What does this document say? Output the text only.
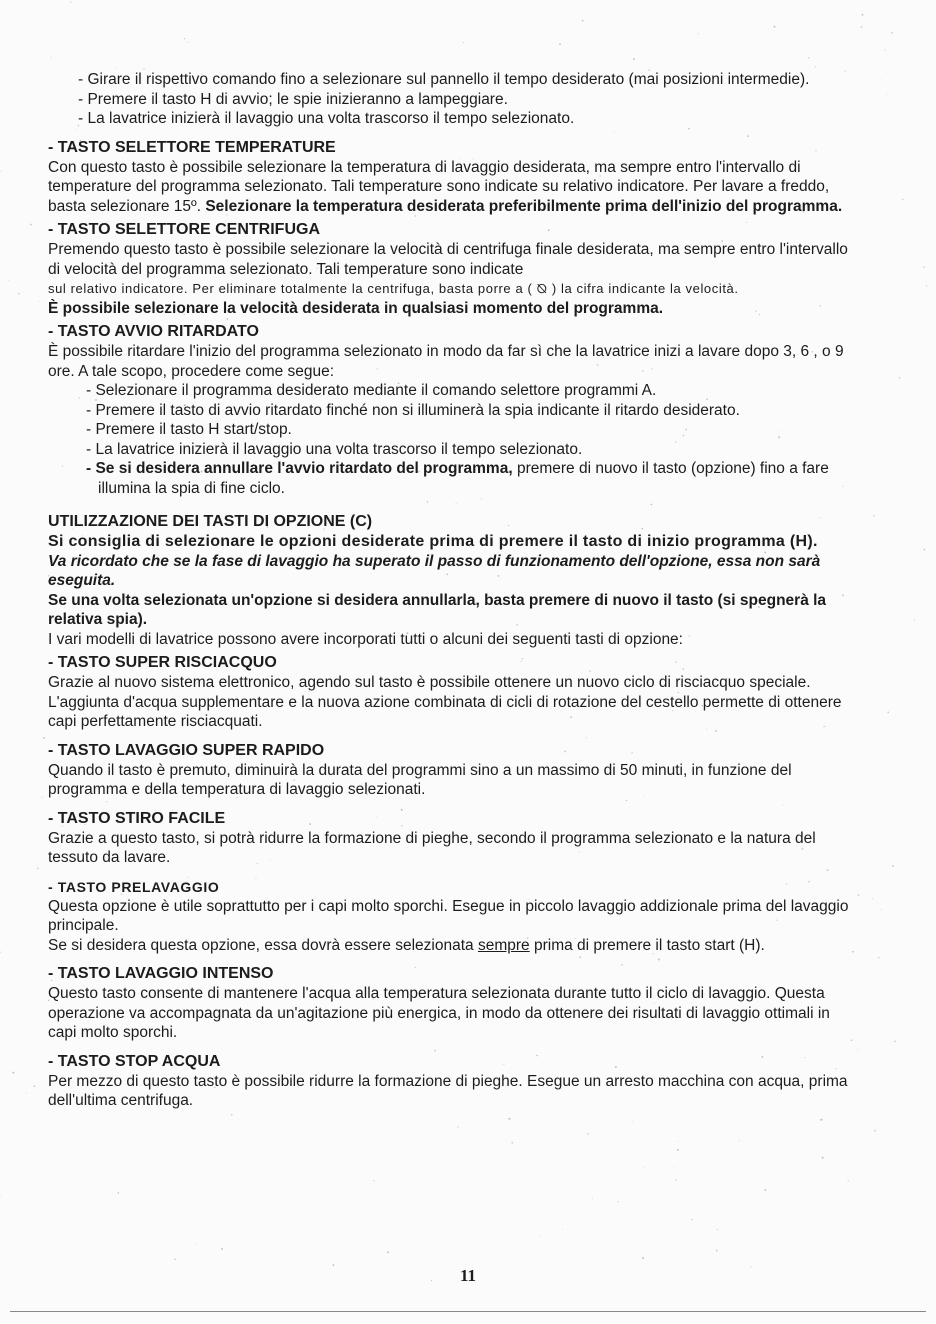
- Girare il rispettivo comando fino a selezionare sul pannello il tempo desiderato (mai posizioni intermedie).

- Premere il tasto H di avvio; le spie inizieranno a lampeggiare.

- La lavatrice inizierà il lavaggio una volta trascorso il tempo selezionato.

- TASTO SELETTORE TEMPERATURE

Con questo tasto è possibile selezionare la temperatura di lavaggio desiderata, ma sempre entro l'intervallo di temperature del programma selezionato. Tali temperature sono indicate su relativo indicatore. Per lavare a freddo, basta selezionare 15º. Selezionare la temperatura desiderata preferibilmente prima dell'inizio del programma.

- TASTO SELETTORE CENTRIFUGA

Premendo questo tasto è possibile selezionare la velocità di centrifuga finale desiderata, ma sempre entro l'intervallo di velocità del programma selezionato. Tali temperature sono indicate

sul relativo indicatore. Per eliminare totalmente la centrifuga, basta porre a ( ⦰ ) la cifra indicante la velocità.

È possibile selezionare la velocità desiderata in qualsiasi momento del programma.

- TASTO AVVIO RITARDATO

È possibile ritardare l'inizio del programma selezionato in modo da far sì che la lavatrice inizi a lavare dopo 3, 6 , o 9 ore. A tale scopo, procedere come segue:

- Selezionare il programma desiderato mediante il comando selettore programmi A.

- Premere il tasto di avvio ritardato finché non si illuminerà la spia indicante il ritardo desiderato.

- Premere il tasto H start/stop.

- La lavatrice inizierà il lavaggio una volta trascorso il tempo selezionato.

- Se si desidera annullare l'avvio ritardato del programma, premere di nuovo il tasto (opzione) fino a fare illumina la spia di fine ciclo.

UTILIZZAZIONE DEI TASTI DI OPZIONE (C)

Si consiglia di selezionare le opzioni desiderate prima di premere il tasto di inizio programma (H).

Va ricordato che se la fase di lavaggio ha superato il passo di funzionamento dell'opzione, essa non sarà eseguita.

Se una volta selezionata un'opzione si desidera annullarla, basta premere di nuovo il tasto (si spegnerà la relativa spia).

I vari modelli di lavatrice possono avere incorporati tutti o alcuni dei seguenti tasti di opzione:

- TASTO SUPER RISCIACQUO

Grazie al nuovo sistema elettronico, agendo sul tasto è possibile ottenere un nuovo ciclo di risciacquo speciale. L'aggiunta d'acqua supplementare e la nuova azione combinata di cicli di rotazione del cestello permette di ottenere capi perfettamente risciacquati.

- TASTO LAVAGGIO SUPER RAPIDO

Quando il tasto è premuto, diminuirà la durata del programmi sino a un massimo di 50 minuti, in funzione del programma e della temperatura di lavaggio selezionati.

- TASTO STIRO FACILE

Grazie a questo tasto, si potrà ridurre la formazione di pieghe, secondo il programma selezionato e la natura del tessuto da lavare.

- TASTO PRELAVAGGIO

Questa opzione è utile soprattutto per i capi molto sporchi. Esegue in piccolo lavaggio addizionale prima del lavaggio principale.

Se si desidera questa opzione, essa dovrà essere selezionata sempre prima di premere il tasto start (H).

- TASTO LAVAGGIO INTENSO

Questo tasto consente di mantenere l'acqua alla temperatura selezionata durante tutto il ciclo di lavaggio. Questa operazione va accompagnata da un'agitazione più energica, in modo da ottenere dei risultati di lavaggio ottimali in capi molto sporchi.

- TASTO STOP ACQUA

Per mezzo di questo tasto è possibile ridurre la formazione di pieghe. Esegue un arresto macchina con acqua, prima dell'ultima centrifuga.

11
